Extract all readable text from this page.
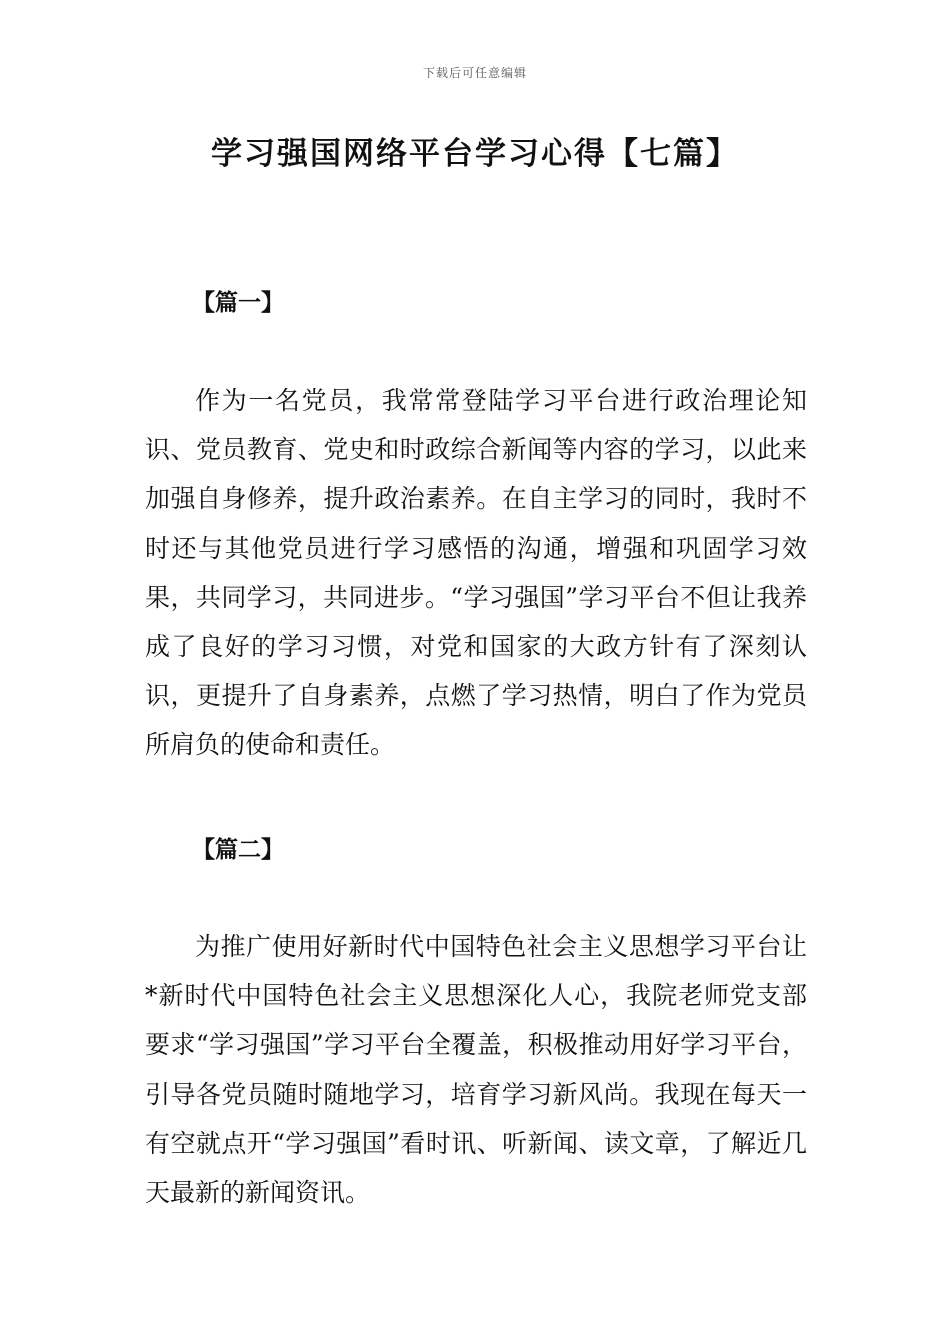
下载后可任意编辑
学习强国网络平台学习心得【七篇】
【篇一】

作为一名党员，我常常登陆学习平台进行政治理论知识、党员教育、党史和时政综合新闻等内容的学习，以此来加强自身修养，提升政治素养。在自主学习的同时，我时不时还与其他党员进行学习感悟的沟通，增强和巩固学习效果，共同学习，共同进步。“学习强国”学习平台不但让我养成了良好的学习习惯，对党和国家的大政方针有了深刻认识，更提升了自身素养，点燃了学习热情，明白了作为党员所肩负的使命和责任。

【篇二】

为推广使用好新时代中国特色社会主义思想学习平台让*新时代中国特色社会主义思想深化人心，我院老师党支部要求“学习强国”学习平台全覆盖，积极推动用好学习平台，引导各党员随时随地学习，培育学习新风尚。我现在每天一有空就点开“学习强国”看时讯、听新闻、读文章，了解近几天最新的新闻资讯。
